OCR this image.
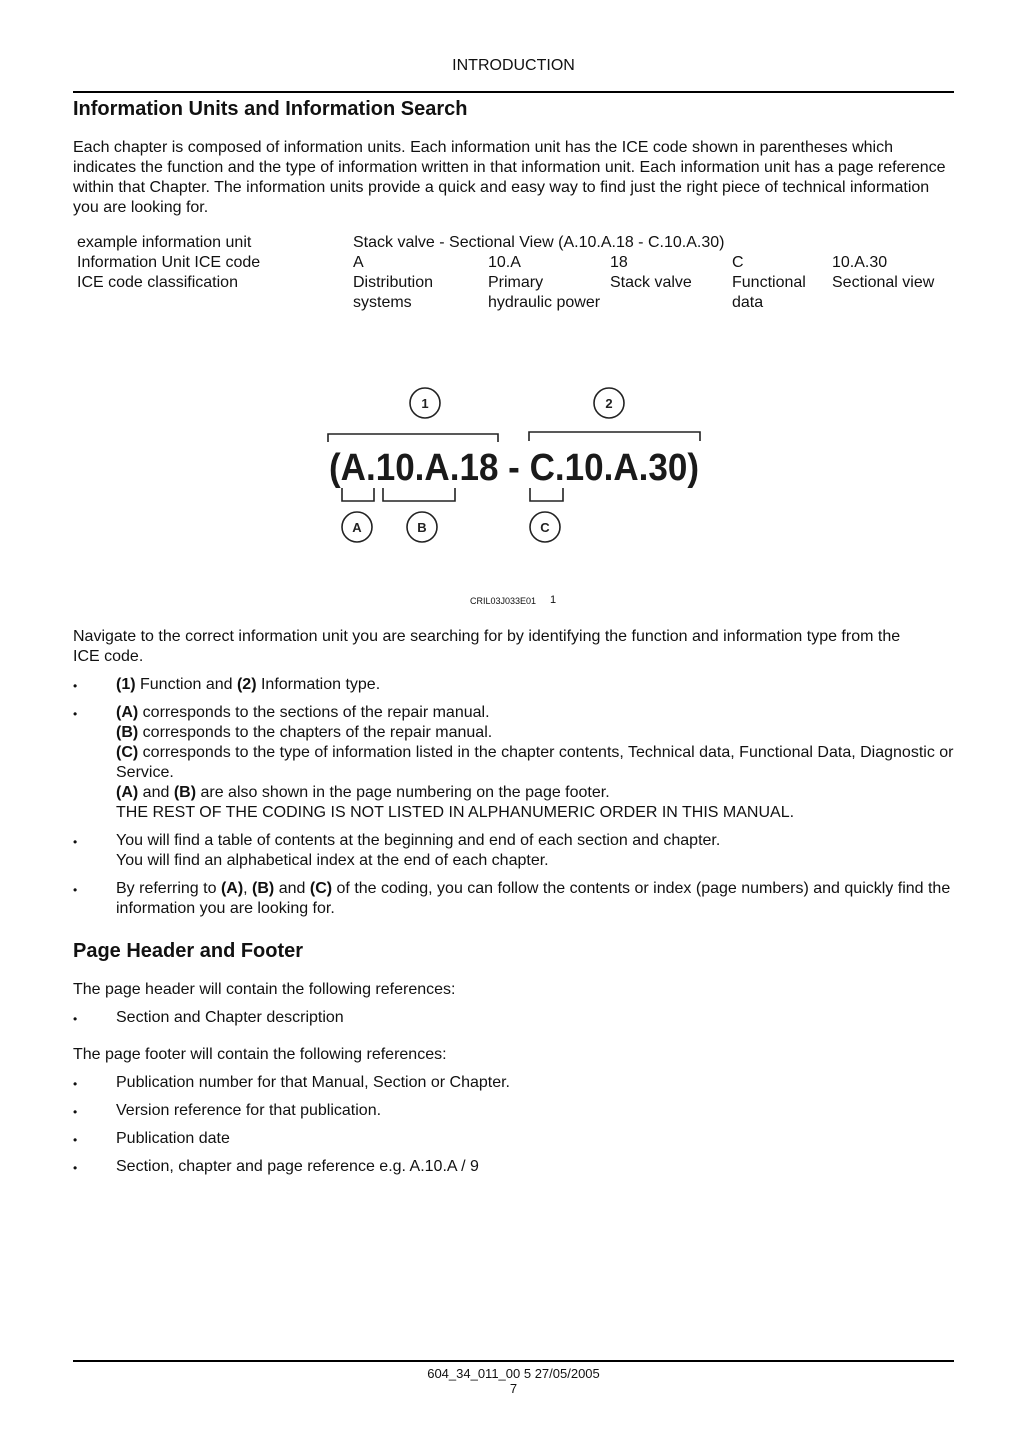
INTRODUCTION
Information Units and Information Search

Each chapter is composed of information units. Each information unit has the ICE code shown in parentheses which indicates the function and the type of information written in that information unit. Each information unit has a page reference within that Chapter. The information units provide a quick and easy way to find just the right piece of technical information you are looking for.

example information unit	Stack valve - Sectional View (A.10.A.18 - C.10.A.30)				
Information Unit ICE code	A	10.A	18	C	10.A.30
ICE code classification	Distribution systems	Primary hydraulic power	Stack valve	Functional data	Sectional view
1	2
A	B	C
(A.10.A.18 - C.10.A.30)
CRIL03J033E01 1

Navigate to the correct information unit you are searching for by identifying the function and information type from the ICE code.

• (1) Function and (2) Information type.
• (A) corresponds to the sections of the repair manual.
(B) corresponds to the chapters of the repair manual.
(C) corresponds to the type of information listed in the chapter contents, Technical data, Functional Data, Diagnostic or Service.
(A) and (B) are also shown in the page numbering on the page footer.
THE REST OF THE CODING IS NOT LISTED IN ALPHANUMERIC ORDER IN THIS MANUAL.
• You will find a table of contents at the beginning and end of each section and chapter.
You will find an alphabetical index at the end of each chapter.
• By referring to (A), (B) and (C) of the coding, you can follow the contents or index (page numbers) and quickly find the information you are looking for.
Page Header and Footer

The page header will contain the following references:

• Section and Chapter description

The page footer will contain the following references:

• Publication number for that Manual, Section or Chapter.
• Version reference for that publication.
• Publication date
• Section, chapter and page reference e.g. A.10.A / 9
604_34_011_00 5 27/05/2005
7
